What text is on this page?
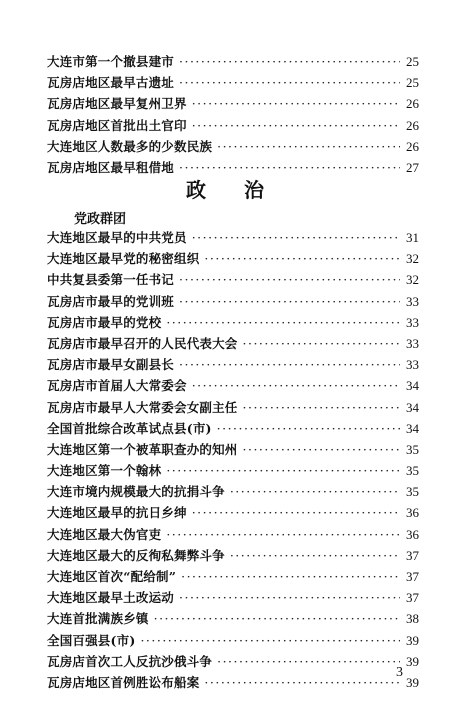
大连市第一个撤县建市 ·····	25
瓦房店地区最早古遗址 ·····	25
瓦房店地区最早复州卫界 ·····	26
瓦房店地区首批出土官印 ·····	26
大连地区人数最多的少数民族 ·····	26
瓦房店地区最早租借地 ·····	27
政治
党政群团
大连地区最早的中共党员 ·····	31
大连地区最早党的秘密组织 ·····	32
中共复县委第一任书记 ·····	32
瓦房店市最早的党训班 ·····	33
瓦房店市最早的党校 ·····	33
瓦房店市最早召开的人民代表大会 ·····	33
瓦房店市最早女副县长 ·····	33
瓦房店市首届人大常委会 ·····	34
瓦房店市最早人大常委会女副主任 ·····	34
全国首批综合改革试点县(市) ·····	34
大连地区第一个被革职查办的知州 ·····	35
大连地区第一个翰林 ·····	35
大连市境内规模最大的抗捐斗争 ·····	35
大连地区最早的抗日乡绅 ·····	36
大连地区最大伪官吏 ·····	36
大连地区最大的反徇私舞弊斗争 ·····	37
大连地区首次“配给制” ·····	37
大连地区最早土改运动 ·····	37
大连首批满族乡镇 ·····	38
全国百强县(市) ·····	39
瓦房店首次工人反抗沙俄斗争 ·····	39
瓦房店地区首例胜讼布船案 ·····	39
3
